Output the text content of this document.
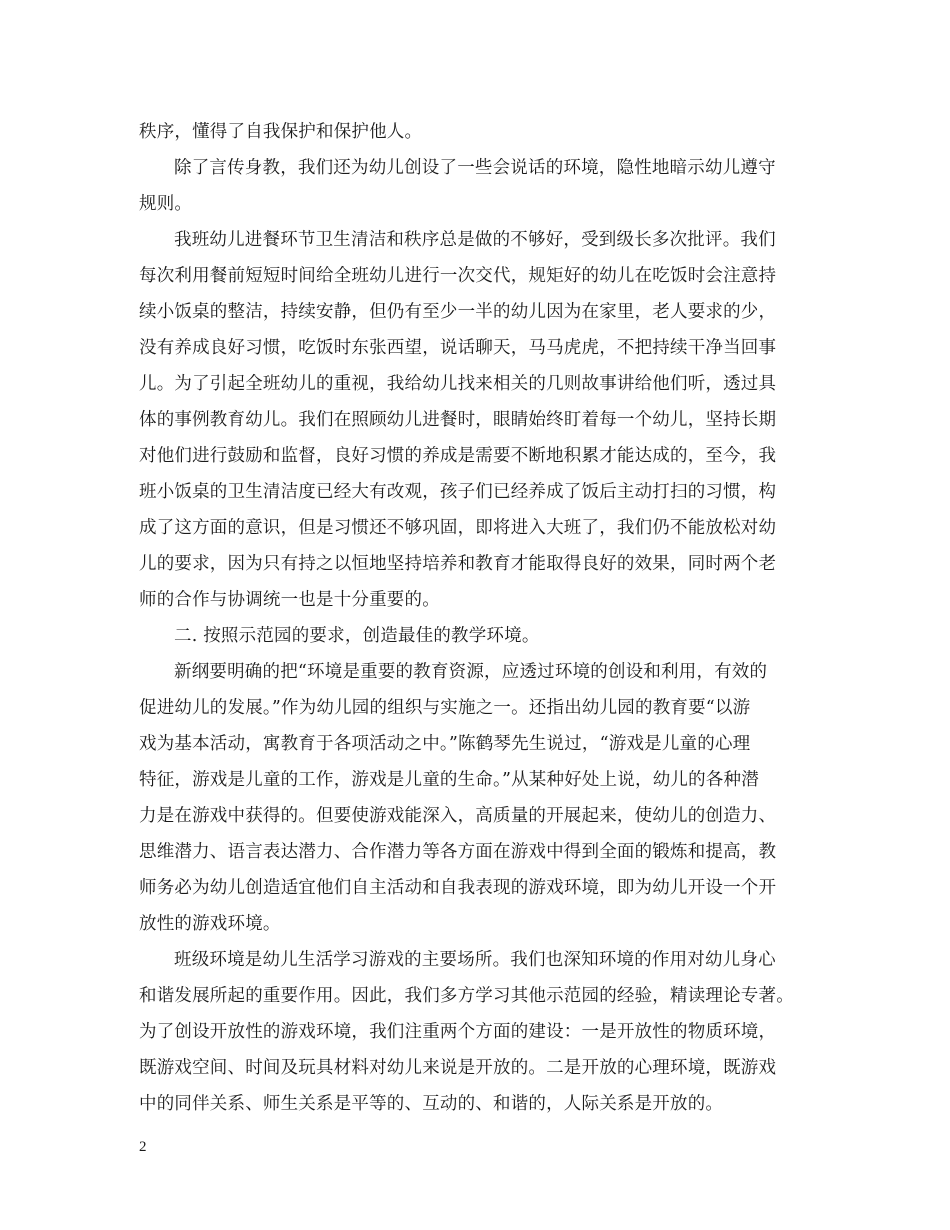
秩序，懂得了自我保护和保护他人。
除了言传身教，我们还为幼儿创设了一些会说话的环境，隐性地暗示幼儿遵守
规则。
我班幼儿进餐环节卫生清洁和秩序总是做的不够好，受到级长多次批评。我们
每次利用餐前短短时间给全班幼儿进行一次交代，规矩好的幼儿在吃饭时会注意持
续小饭桌的整洁，持续安静，但仍有至少一半的幼儿因为在家里，老人要求的少，
没有养成良好习惯，吃饭时东张西望，说话聊天，马马虎虎，不把持续干净当回事
儿。为了引起全班幼儿的重视，我给幼儿找来相关的几则故事讲给他们听，透过具
体的事例教育幼儿。我们在照顾幼儿进餐时，眼睛始终盯着每一个幼儿，坚持长期
对他们进行鼓励和监督，良好习惯的养成是需要不断地积累才能达成的，至今，我
班小饭桌的卫生清洁度已经大有改观，孩子们已经养成了饭后主动打扫的习惯，构
成了这方面的意识，但是习惯还不够巩固，即将进入大班了，我们仍不能放松对幼
儿的要求，因为只有持之以恒地坚持培养和教育才能取得良好的效果，同时两个老
师的合作与协调统一也是十分重要的。
二. 按照示范园的要求，创造最佳的教学环境。
新纲要明确的把“环境是重要的教育资源，应透过环境的创设和利用，有效的
促进幼儿的发展。”作为幼儿园的组织与实施之一。还指出幼儿园的教育要“以游
戏为基本活动，寓教育于各项活动之中。”陈鹤琴先生说过，“游戏是儿童的心理
特征，游戏是儿童的工作，游戏是儿童的生命。”从某种好处上说，幼儿的各种潜
力是在游戏中获得的。但要使游戏能深入，高质量的开展起来，使幼儿的创造力、
思维潜力、语言表达潜力、合作潜力等各方面在游戏中得到全面的锻炼和提高，教
师务必为幼儿创造适宜他们自主活动和自我表现的游戏环境，即为幼儿开设一个开
放性的游戏环境。
班级环境是幼儿生活学习游戏的主要场所。我们也深知环境的作用对幼儿身心
和谐发展所起的重要作用。因此，我们多方学习其他示范园的经验，精读理论专著。
为了创设开放性的游戏环境，我们注重两个方面的建设：一是开放性的物质环境，
既游戏空间、时间及玩具材料对幼儿来说是开放的。二是开放的心理环境，既游戏
中的同伴关系、师生关系是平等的、互动的、和谐的，人际关系是开放的。
2
